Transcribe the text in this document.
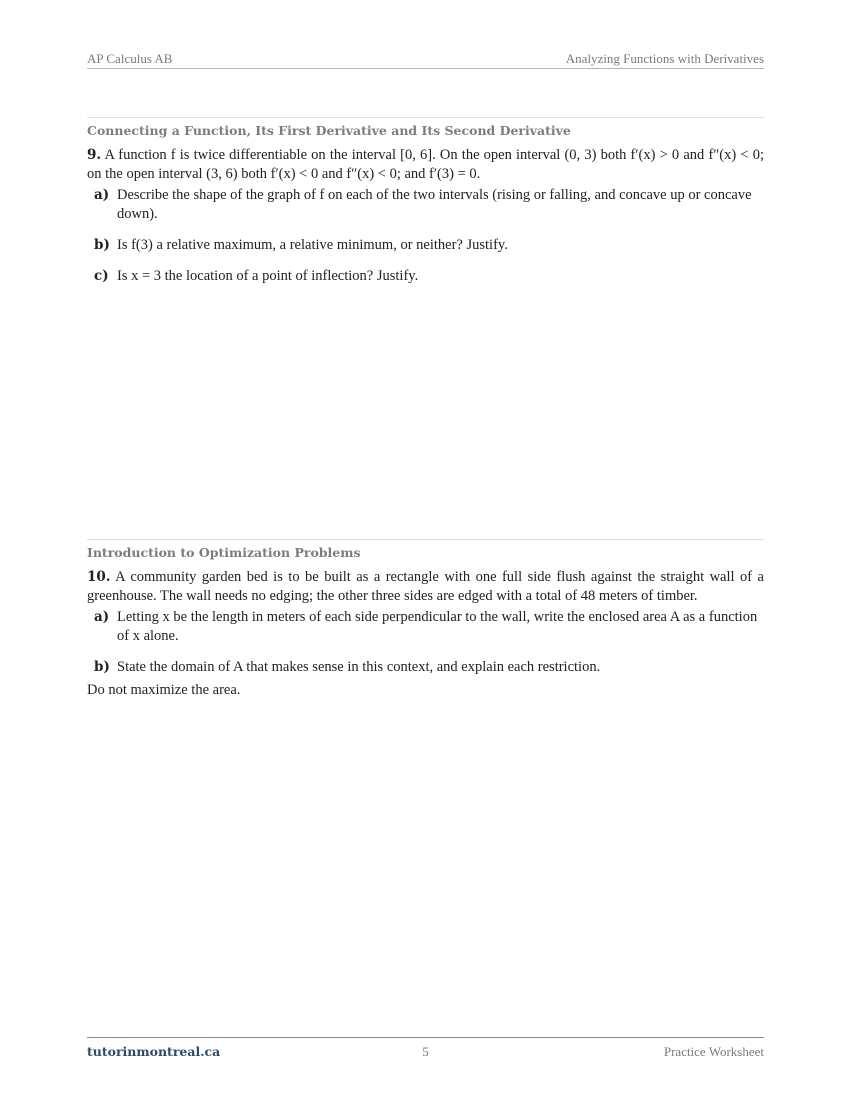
AP Calculus AB	Analyzing Functions with Derivatives
Connecting a Function, Its First Derivative and Its Second Derivative
9. A function f is twice differentiable on the interval [0, 6]. On the open interval (0, 3) both f′(x) > 0 and f″(x) < 0; on the open interval (3, 6) both f′(x) < 0 and f″(x) < 0; and f′(3) = 0.
a) Describe the shape of the graph of f on each of the two intervals (rising or falling, and concave up or concave down).
b) Is f(3) a relative maximum, a relative minimum, or neither? Justify.
c) Is x = 3 the location of a point of inflection? Justify.
Introduction to Optimization Problems
10. A community garden bed is to be built as a rectangle with one full side flush against the straight wall of a greenhouse. The wall needs no edging; the other three sides are edged with a total of 48 meters of timber.
a) Letting x be the length in meters of each side perpendicular to the wall, write the enclosed area A as a function of x alone.
b) State the domain of A that makes sense in this context, and explain each restriction.
Do not maximize the area.
tutorinmontreal.ca	5	Practice Worksheet
